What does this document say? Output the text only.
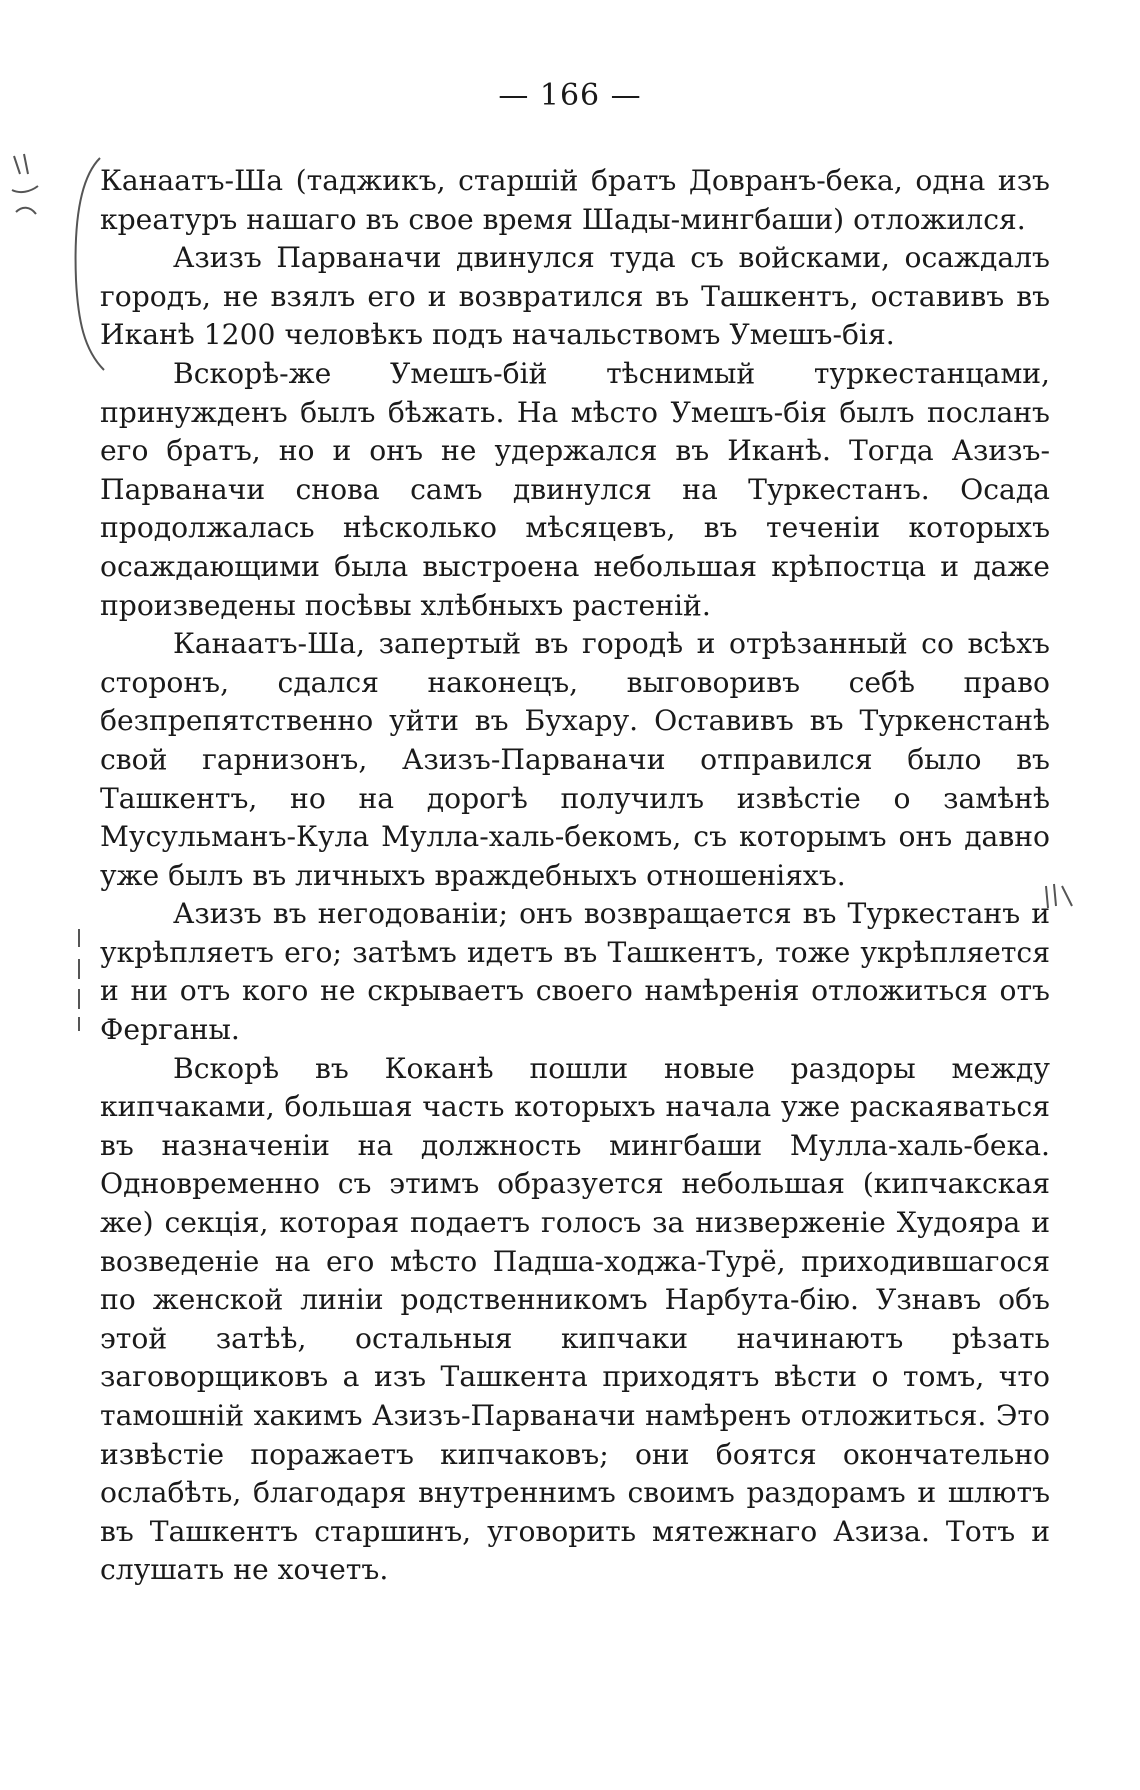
— 166 —

Канаатъ-Ша (таджикъ, старшій братъ Довранъ-бека, одна изъ креатуръ нашаго въ свое время Шады-мингбаши) отложился.

Азизъ Парваначи двинулся туда съ войсками, осаждалъ городъ, не взялъ его и возвратился въ Ташкентъ, оставивъ въ Иканѣ 1200 человѣкъ подъ начальствомъ Умешъ-бія.

Вскорѣ-же Умешъ-бій тѣснимый туркестанцами, принужденъ былъ бѣжать. На мѣсто Умешъ-бія былъ посланъ его братъ, но и онъ не удержался въ Иканѣ. Тогда Азизъ-Парваначи снова самъ двинулся на Туркестанъ. Осада продолжалась нѣсколько мѣсяцевъ, въ теченіи которыхъ осаждающими была выстроена небольшая крѣпостца и даже произведены посѣвы хлѣбныхъ растеній.

Канаатъ-Ша, запертый въ городѣ и отрѣзанный со всѣхъ сторонъ, сдался наконецъ, выговоривъ себѣ право безпрепятственно уйти въ Бухару. Оставивъ въ Туркенстанѣ свой гарнизонъ, Азизъ-Парваначи отправился было въ Ташкентъ, но на дорогѣ получилъ извѣстіе о замѣнѣ Мусульманъ-Кула Мулла-халь-бекомъ, съ которымъ онъ давно уже былъ въ личныхъ враждебныхъ отношеніяхъ.

Азизъ въ негодованіи; онъ возвращается въ Туркестанъ и укрѣпляетъ его; затѣмъ идетъ въ Ташкентъ, тоже укрѣпляется и ни отъ кого не скрываетъ своего намѣренія отложиться отъ Ферганы.

Вскорѣ въ Коканѣ пошли новые раздоры между кипчаками, большая часть которыхъ начала уже раскаяваться въ назначеніи на должность мингбаши Мулла-халь-бека. Одновременно съ этимъ образуется небольшая (кипчакская же) секція, которая подаетъ голосъ за низверженіе Худояра и возведеніе на его мѣсто Падша-ходжа-Турё, приходившагося по женской линіи родственникомъ Нарбута-бію. Узнавъ объ этой затѣѣ, остальныя кипчаки начинаютъ рѣзать заговорщиковъ а изъ Ташкента приходятъ вѣсти о томъ, что тамошній хакимъ Азизъ-Парваначи намѣренъ отложиться. Это извѣстіе поражаетъ кипчаковъ; они боятся окончательно ослабѣть, благодаря внутреннимъ своимъ раздорамъ и шлютъ въ Ташкентъ старшинъ, уговорить мятежнаго Азиза. Тотъ и слушать не хочетъ.
